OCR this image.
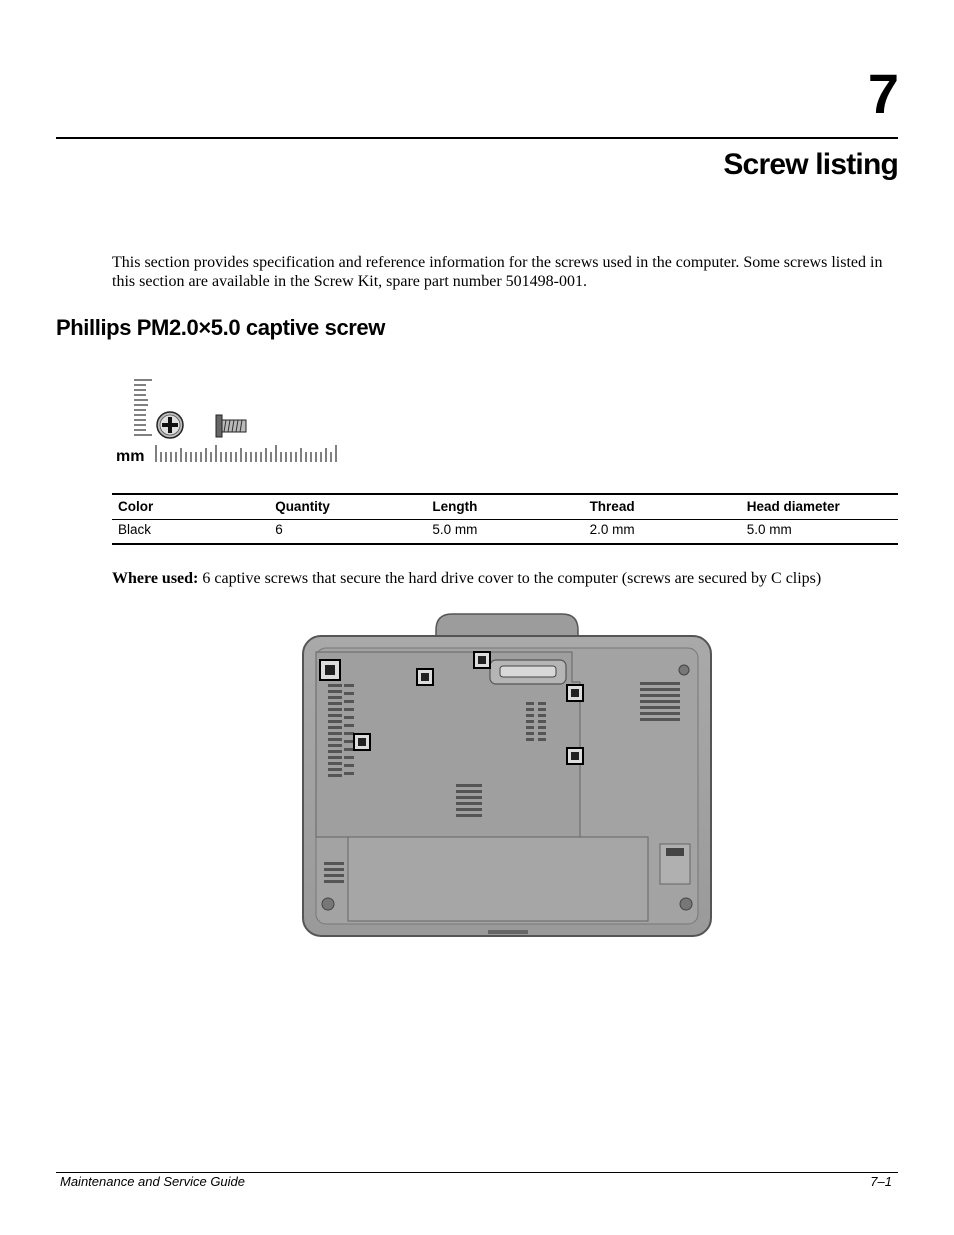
7
Screw listing
This section provides specification and reference information for the screws used in the computer. Some screws listed in this section are available in the Screw Kit, spare part number 501498-001.
Phillips PM2.0×5.0 captive screw
mm
Color	Quantity	Length	Thread	Head diameter
Black	6	5.0 mm	2.0 mm	5.0 mm
Where used: 6 captive screws that secure the hard drive cover to the computer (screws are secured by C clips)
Maintenance and Service Guide	7–1
